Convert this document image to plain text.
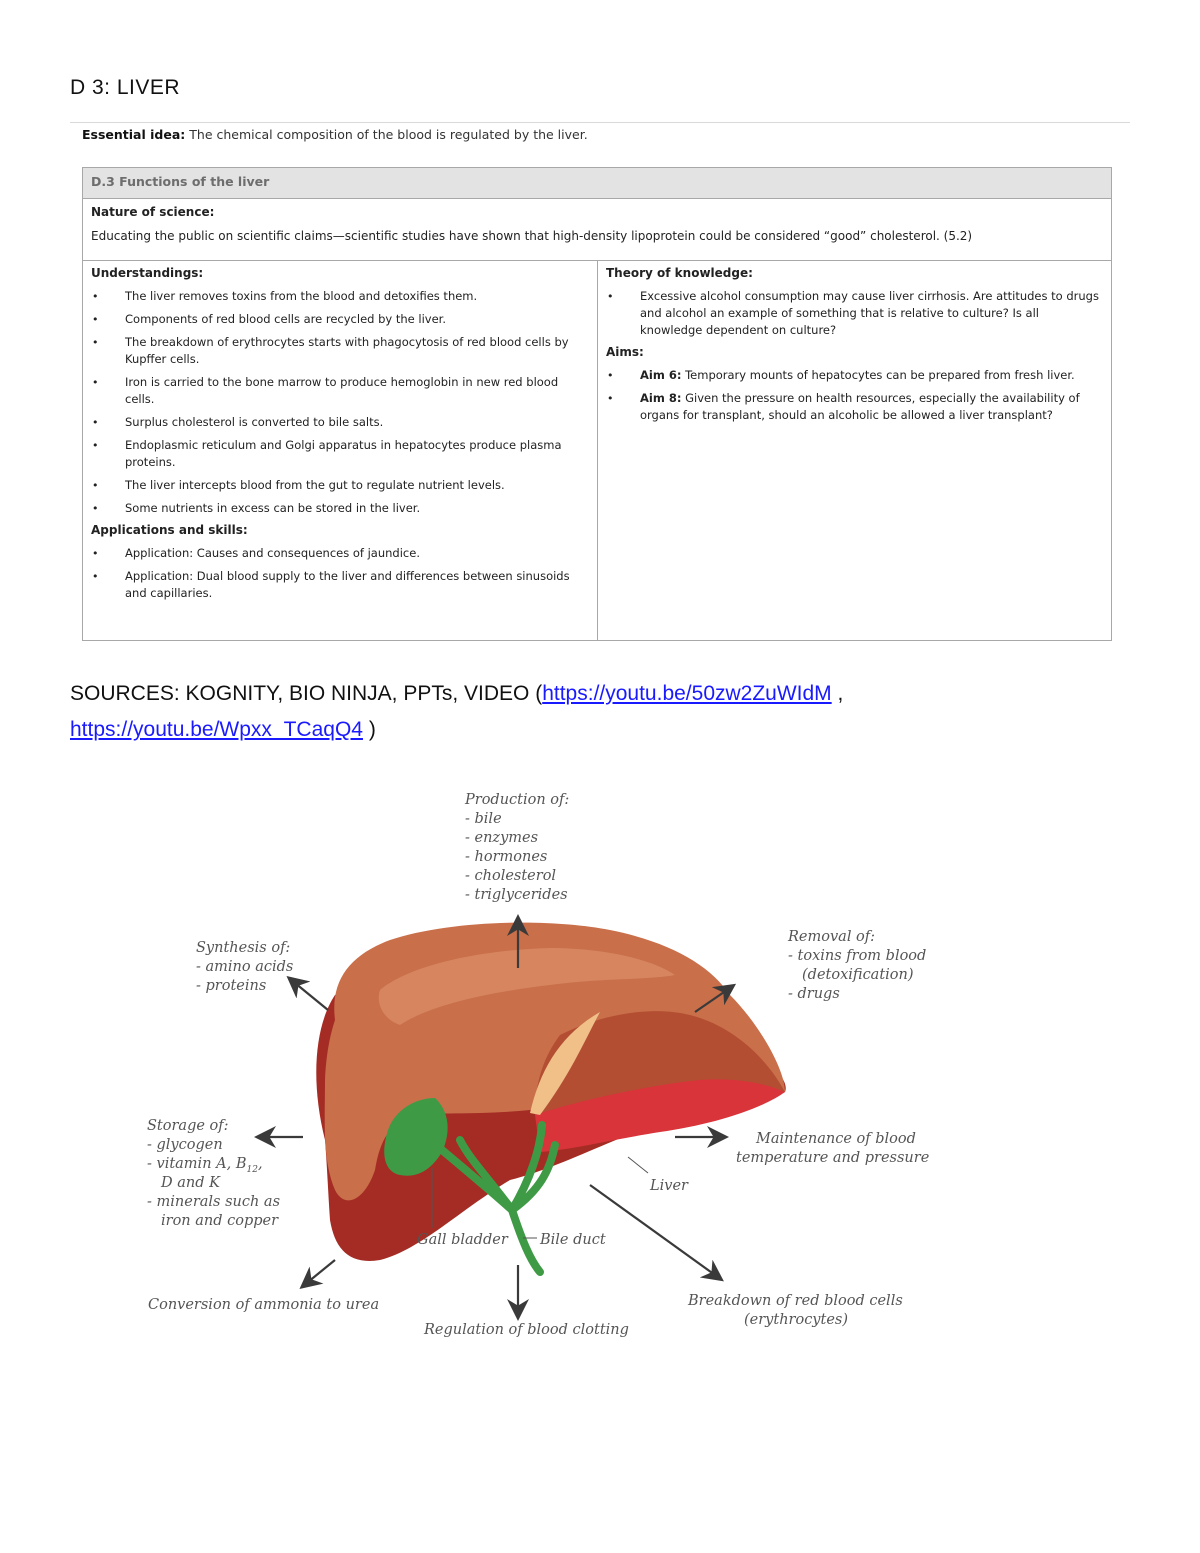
D 3: LIVER
Essential idea: The chemical composition of the blood is regulated by the liver.
D.3 Functions of the liver
Nature of science:
Educating the public on scientific claims—scientific studies have shown that high-density lipoprotein could be considered “good” cholesterol. (5.2)
Understandings:
• The liver removes toxins from the blood and detoxifies them.
• Components of red blood cells are recycled by the liver.
• The breakdown of erythrocytes starts with phagocytosis of red blood cells by Kupffer cells.
• Iron is carried to the bone marrow to produce hemoglobin in new red blood cells.
• Surplus cholesterol is converted to bile salts.
• Endoplasmic reticulum and Golgi apparatus in hepatocytes produce plasma proteins.
• The liver intercepts blood from the gut to regulate nutrient levels.
• Some nutrients in excess can be stored in the liver.
Applications and skills:
• Application: Causes and consequences of jaundice.
• Application: Dual blood supply to the liver and differences between sinusoids and capillaries.
Theory of knowledge:
• Excessive alcohol consumption may cause liver cirrhosis. Are attitudes to drugs and alcohol an example of something that is relative to culture? Is all knowledge dependent on culture?
Aims:
• Aim 6: Temporary mounts of hepatocytes can be prepared from fresh liver.
• Aim 8: Given the pressure on health resources, especially the availability of organs for transplant, should an alcoholic be allowed a liver transplant?
SOURCES: KOGNITY, BIO NINJA, PPTs, VIDEO (https://youtu.be/50zw2ZuWIdM ,
https://youtu.be/Wpxx_TCaqQ4 )
Production of: - bile - enzymes - hormones - cholesterol - triglycerides
Synthesis of: - amino acids - proteins
Removal of: - toxins from blood (detoxification) - drugs
Storage of: - glycogen - vitamin A, $B_{12}$, D and K - minerals such as iron and copper
Maintenance of blood temperature and pressure
Liver
Gall bladder Bile duct
Conversion of ammonia to urea
Regulation of blood clotting
Breakdown of red blood cells (erythrocytes)
